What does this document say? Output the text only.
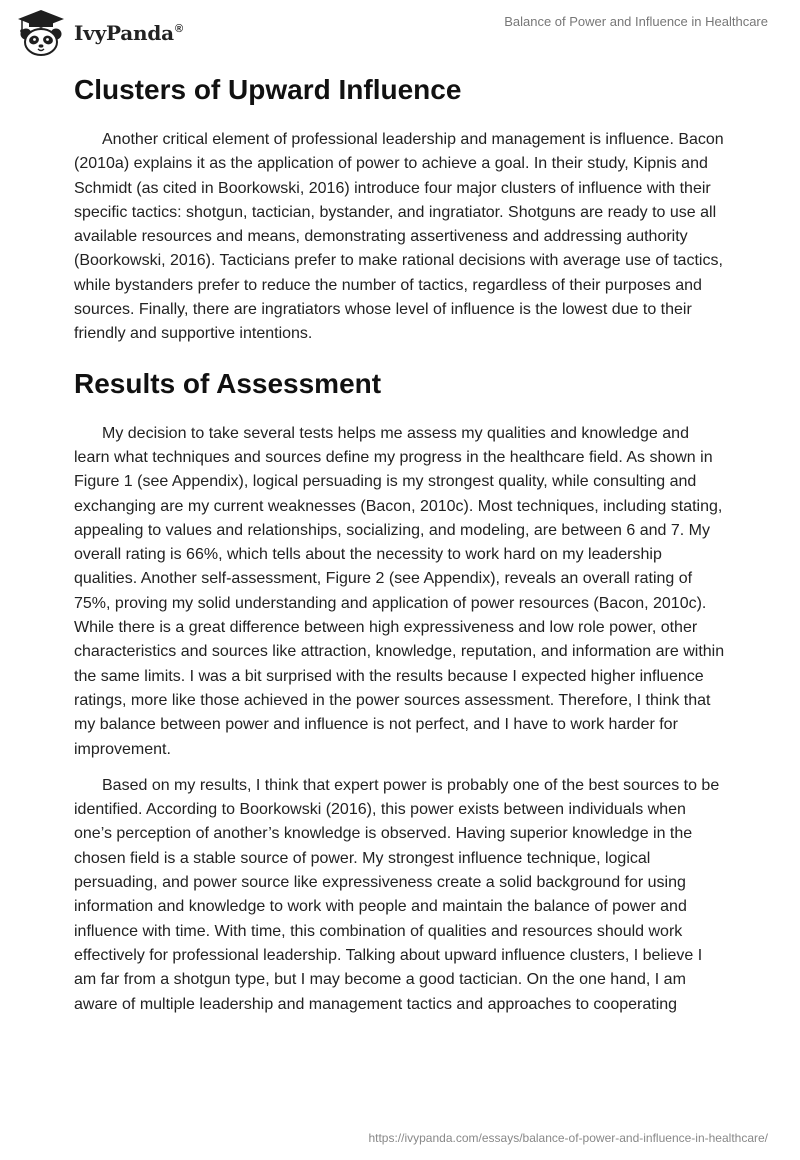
IvyPanda®
Balance of Power and Influence in Healthcare
Clusters of Upward Influence

Another critical element of professional leadership and management is influence. Bacon (2010a) explains it as the application of power to achieve a goal. In their study, Kipnis and Schmidt (as cited in Boorkowski, 2016) introduce four major clusters of influence with their specific tactics: shotgun, tactician, bystander, and ingratiator. Shotguns are ready to use all available resources and means, demonstrating assertiveness and addressing authority (Boorkowski, 2016). Tacticians prefer to make rational decisions with average use of tactics, while bystanders prefer to reduce the number of tactics, regardless of their purposes and sources. Finally, there are ingratiators whose level of influence is the lowest due to their friendly and supportive intentions.

Results of Assessment

My decision to take several tests helps me assess my qualities and knowledge and learn what techniques and sources define my progress in the healthcare field. As shown in Figure 1 (see Appendix), logical persuading is my strongest quality, while consulting and exchanging are my current weaknesses (Bacon, 2010c). Most techniques, including stating, appealing to values and relationships, socializing, and modeling, are between 6 and 7. My overall rating is 66%, which tells about the necessity to work hard on my leadership qualities. Another self-assessment, Figure 2 (see Appendix), reveals an overall rating of 75%, proving my solid understanding and application of power resources (Bacon, 2010c). While there is a great difference between high expressiveness and low role power, other characteristics and sources like attraction, knowledge, reputation, and information are within the same limits. I was a bit surprised with the results because I expected higher influence ratings, more like those achieved in the power sources assessment. Therefore, I think that my balance between power and influence is not perfect, and I have to work harder for improvement.

Based on my results, I think that expert power is probably one of the best sources to be identified. According to Boorkowski (2016), this power exists between individuals when one’s perception of another’s knowledge is observed. Having superior knowledge in the chosen field is a stable source of power. My strongest influence technique, logical persuading, and power source like expressiveness create a solid background for using information and knowledge to work with people and maintain the balance of power and influence with time. With time, this combination of qualities and resources should work effectively for professional leadership. Talking about upward influence clusters, I believe I am far from a shotgun type, but I may become a good tactician. On the one hand, I am aware of multiple leadership and management tactics and approaches to cooperating

https://ivypanda.com/essays/balance-of-power-and-influence-in-healthcare/
